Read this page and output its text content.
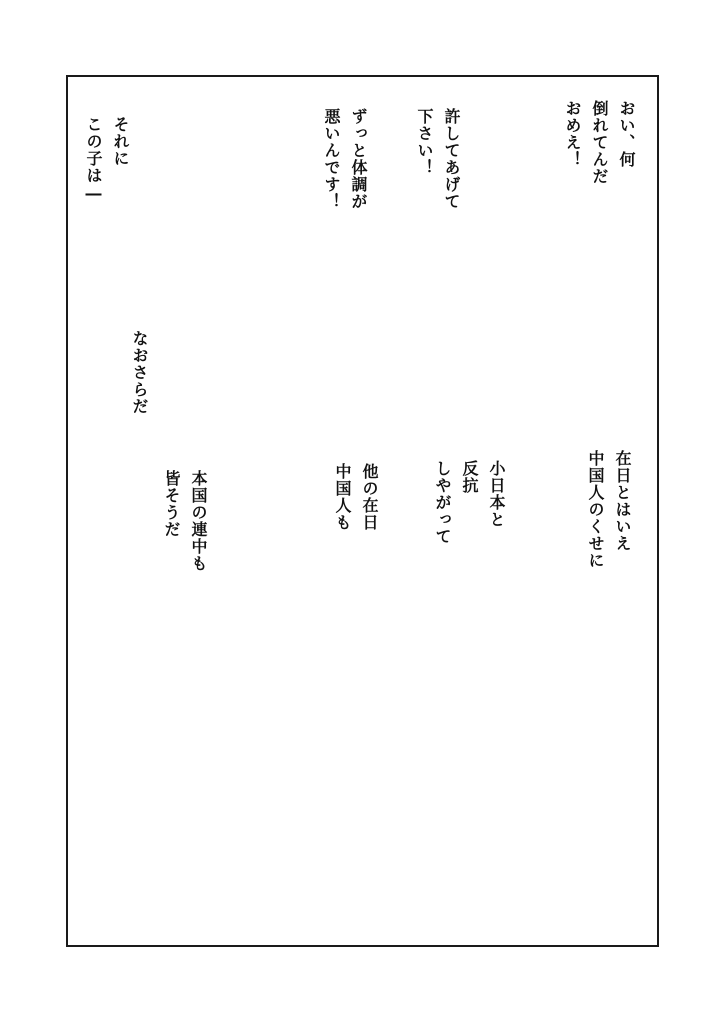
おい、何
倒れてんだ
おめえ！
許してあげて
下さい！
ずっと体調が
悪いんです！
それに
この子は―
なおさらだ
在日とはいえ
中国人のくせに
小日本と
反抗
しやがって
他の在日
中国人も
本国の連中も
皆そうだ
